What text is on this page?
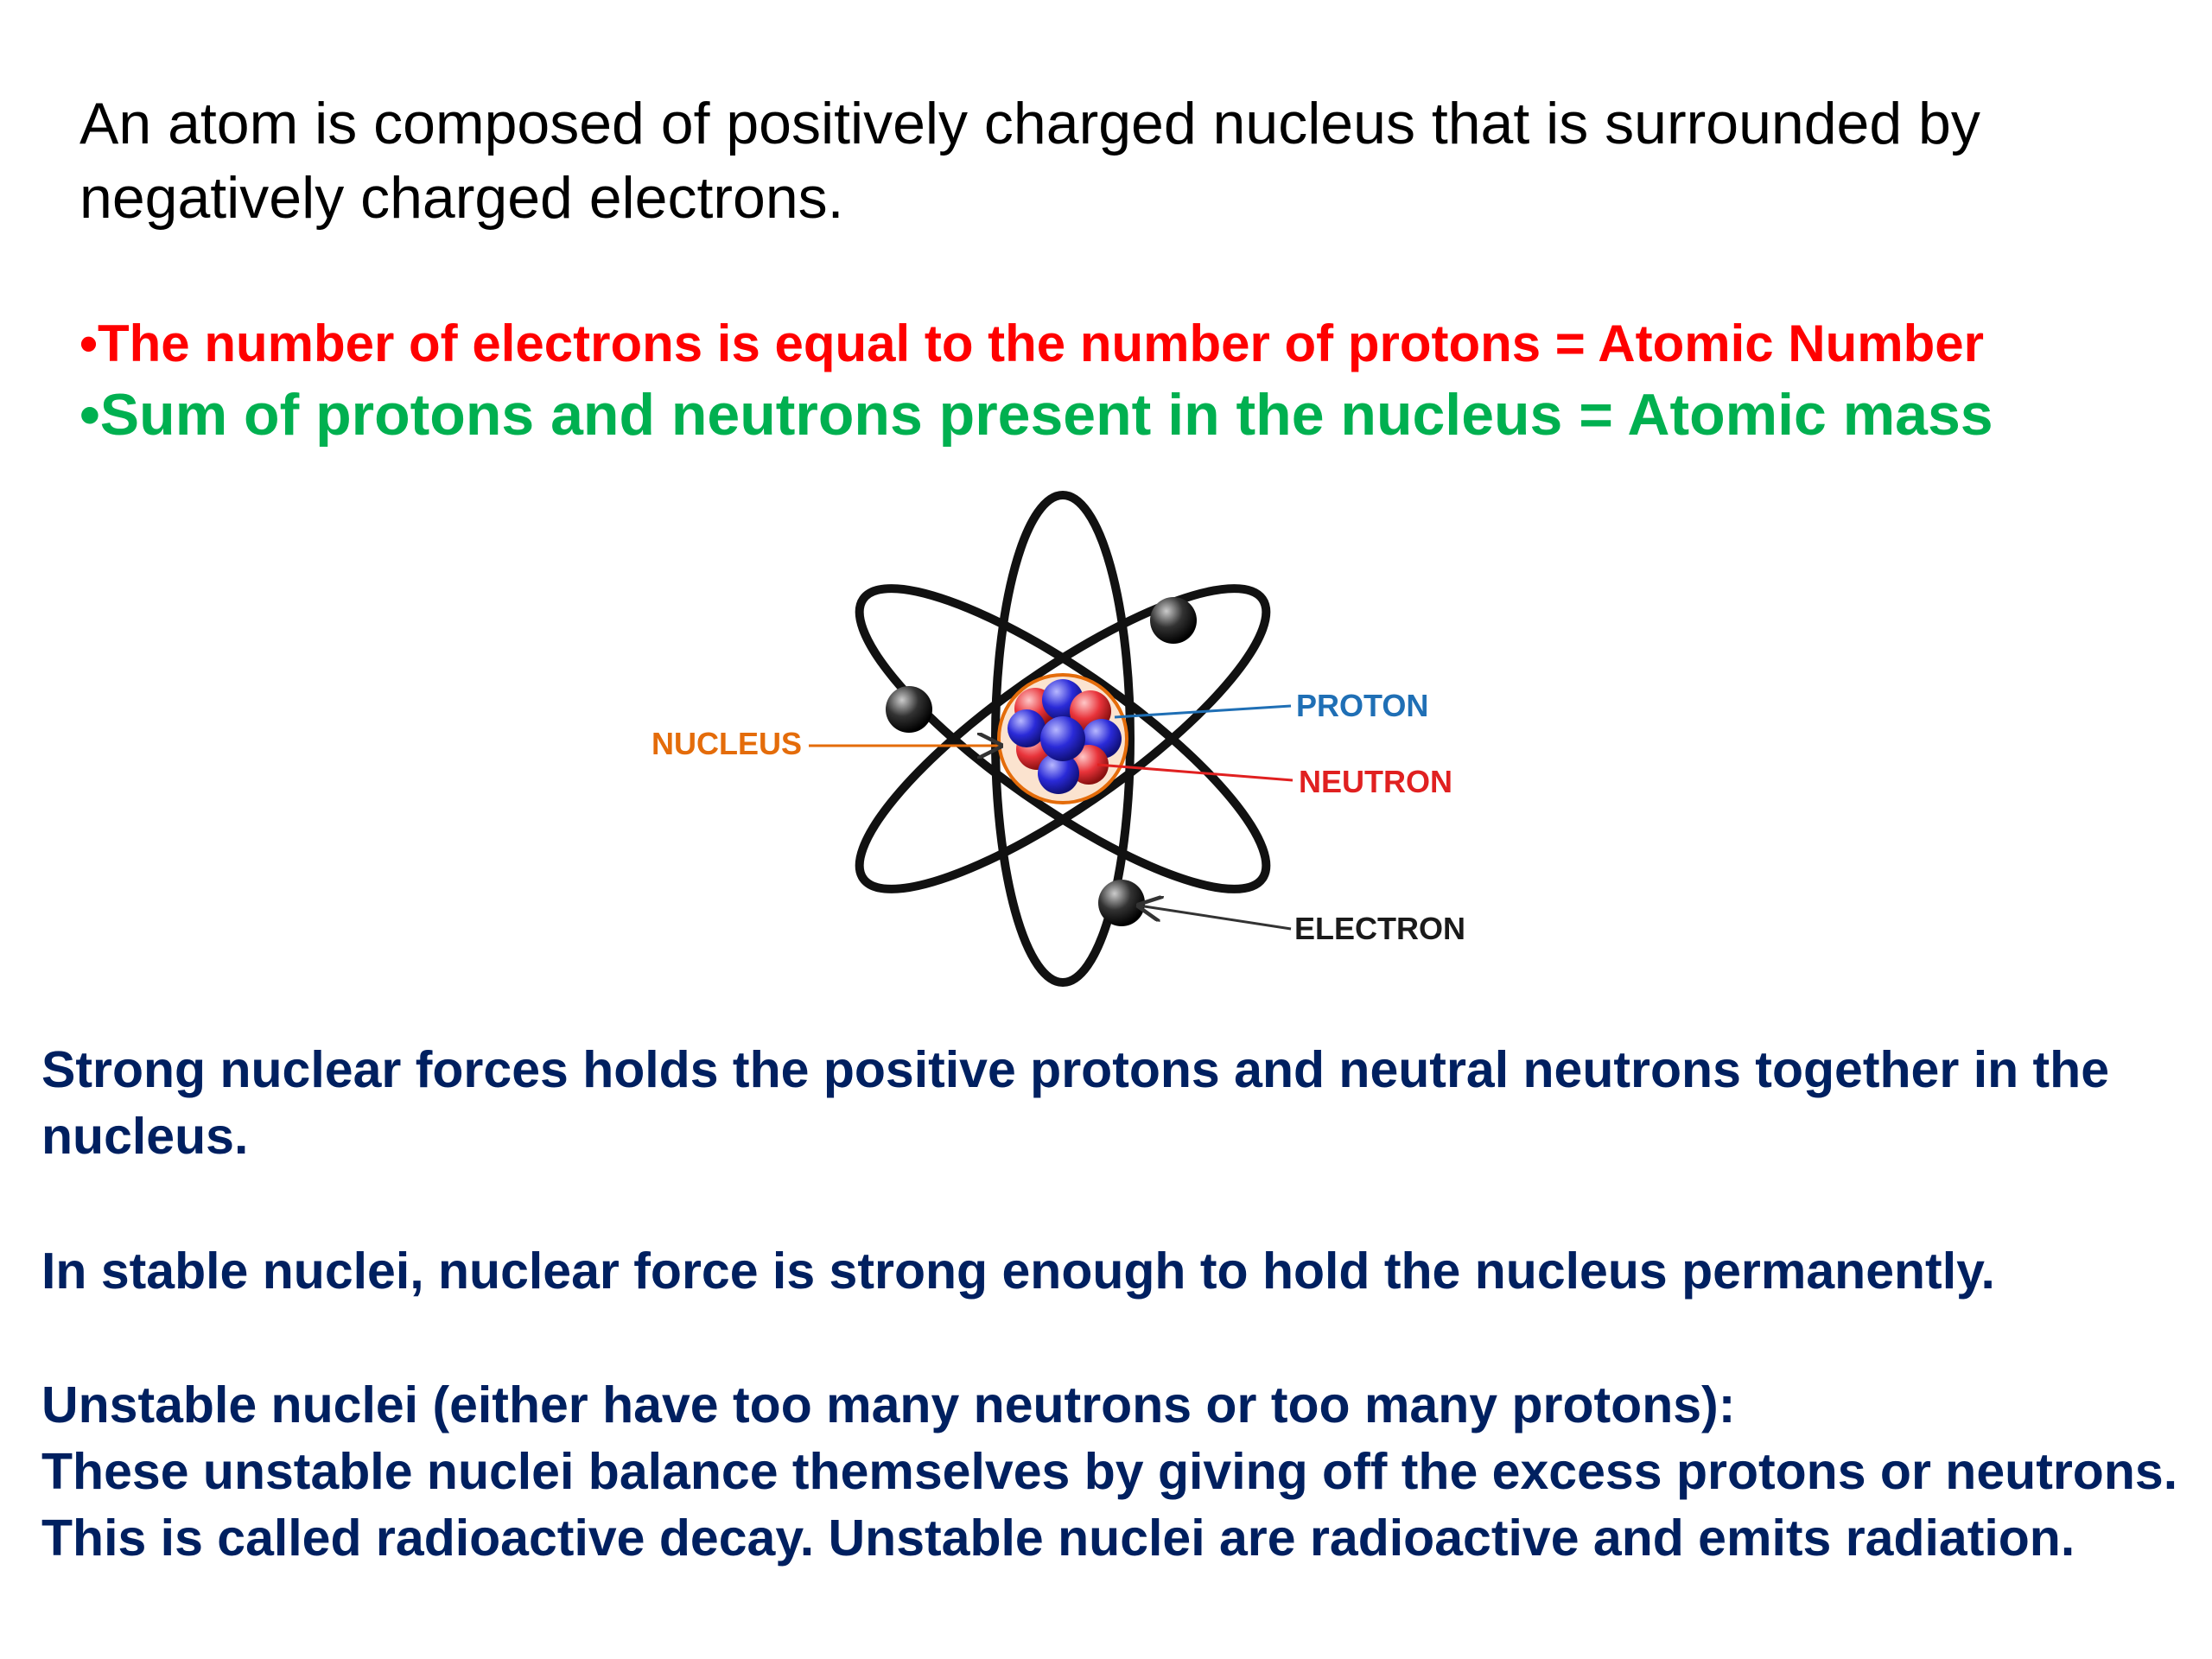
An atom is composed of positively charged nucleus that is surrounded by negatively charged electrons.

•The number of electrons is equal to the number of protons = Atomic Number

•Sum of protons and neutrons present in the nucleus = Atomic mass

NUCLEUS
PROTON
NEUTRON
ELECTRON

Strong nuclear forces holds the positive protons and neutral neutrons together in the nucleus.

In stable nuclei, nuclear force is strong enough to hold the nucleus permanently.

Unstable nuclei (either have too many neutrons or too many protons):
These unstable nuclei balance themselves by giving off the excess protons or neutrons. This is called radioactive decay. Unstable nuclei are radioactive and emits radiation.
